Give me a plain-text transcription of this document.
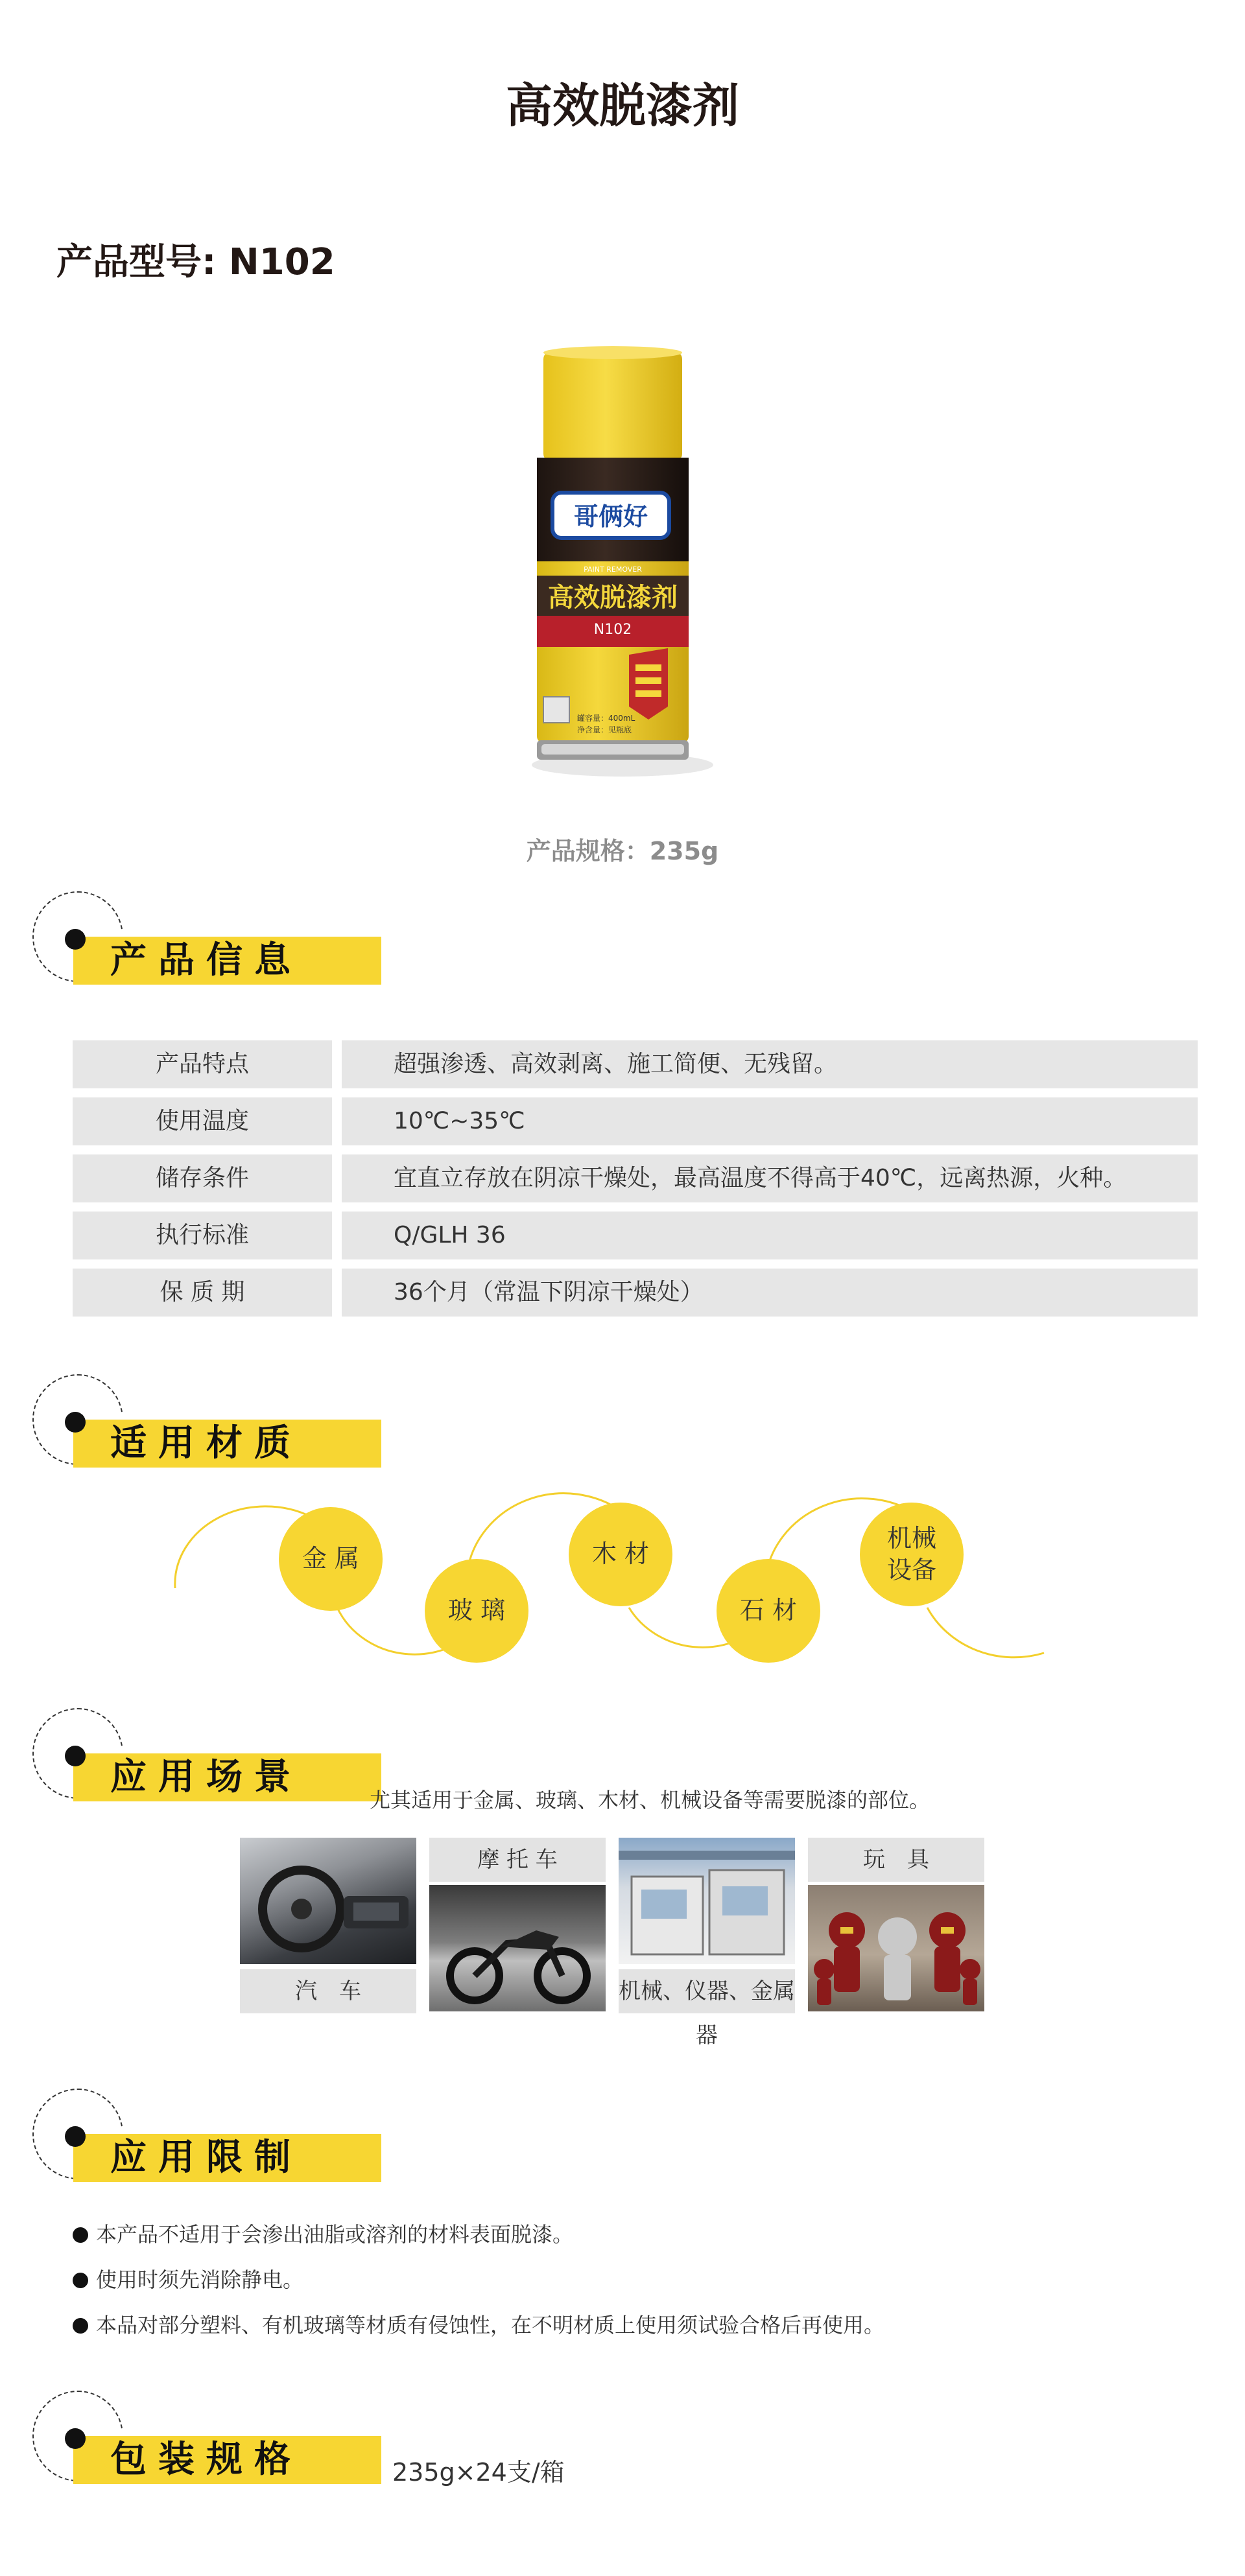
高效脱漆剂
产品型号: N102
哥俩好
PAINT REMOVER
高效脱漆剂
N102
罐容量：400mL
净含量：见瓶底
产品规格：235g
产品信息
产品特点	超强渗透、高效剥离、施工简便、无残留。
使用温度	10℃~35℃
储存条件	宜直立存放在阴凉干燥处，最高温度不得高于40℃，远离热源，火种。
执行标准	Q/GLH 36
保 质 期	36个月（常温下阴凉干燥处）
适用材质
金 属
玻 璃
木 材
石 材
机械
设备
应用场景
尤其适用于金属、玻璃、木材、机械设备等需要脱漆的部位。
汽　车
摩 托 车
机械、仪器、金属器
玩　具
应用限制
本产品不适用于会渗出油脂或溶剂的材料表面脱漆。
使用时须先消除静电。
本品对部分塑料、有机玻璃等材质有侵蚀性，在不明材质上使用须试验合格后再使用。
包装规格	235g×24支/箱
